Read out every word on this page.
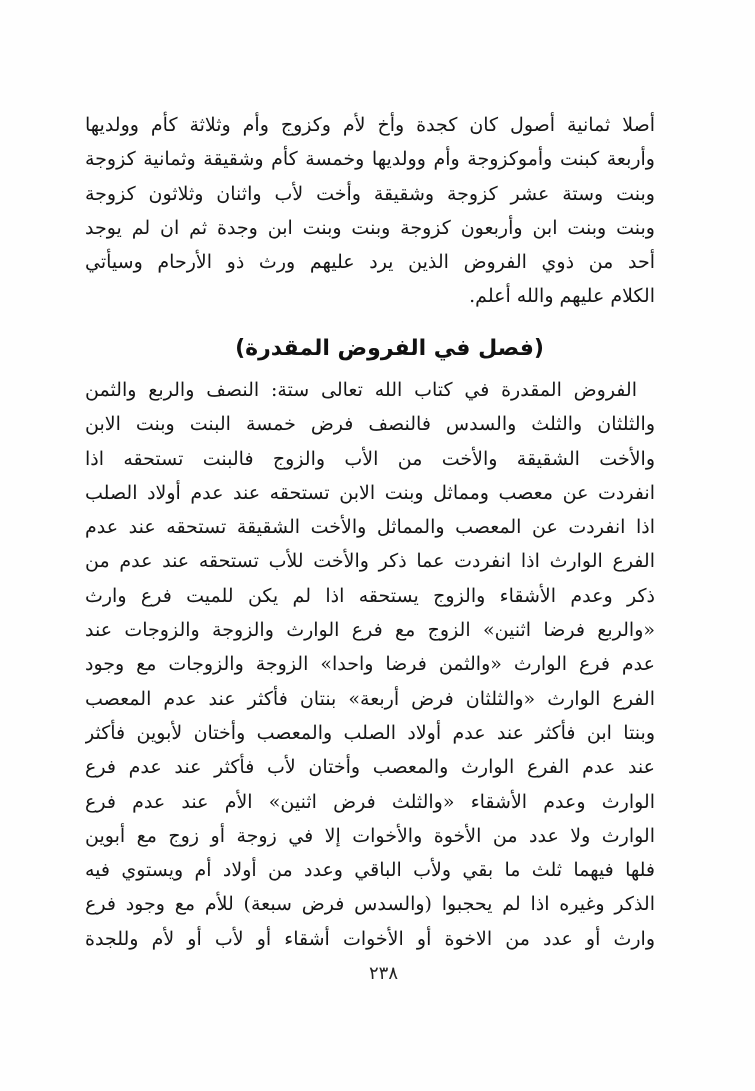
أصلا ثمانية أصول كان كجدة وأخ لأم وكزوج وأم وثلاثة كأم وولديها
وأربعة كبنت وأموكزوجة وأم وولديها وخمسة كأم وشقيقة وثمانية كزوجة
وبنت وستة عشر كزوجة وشقيقة وأخت لأب واثنان وثلاثون كزوجة
وبنت وبنت ابن وأربعون كزوجة وبنت وبنت ابن وجدة ثم ان لم يوجد
أحد من ذوي الفروض الذين يرد عليهم ورث ذو الأرحام وسيأتي
الكلام عليهم والله أعلم.
(فصل في الفروض المقدرة)
الفروض المقدرة في كتاب الله تعالى ستة: النصف والربع والثمن
والثلثان والثلث والسدس فالنصف فرض خمسة البنت وبنت الابن
والأخت الشقيقة والأخت من الأب والزوج فالبنت تستحقه اذا
انفردت عن معصب ومماثل وبنت الابن تستحقه عند عدم أولاد الصلب
اذا انفردت عن المعصب والمماثل والأخت الشقيقة تستحقه عند عدم
الفرع الوارث اذا انفردت عما ذكر والأخت للأب تستحقه عند عدم من
ذكر وعدم الأشقاء والزوج يستحقه اذا لم يكن للميت فرع وارث
«والربع فرضا اثنين» الزوج مع فرع الوارث والزوجة والزوجات عند
عدم فرع الوارث «والثمن فرضا واحدا» الزوجة والزوجات مع وجود
الفرع الوارث «والثلثان فرض أربعة» بنتان فأكثر عند عدم المعصب
وبنتا ابن فأكثر عند عدم أولاد الصلب والمعصب وأختان لأبوين فأكثر
عند عدم الفرع الوارث والمعصب وأختان لأب فأكثر عند عدم فرع
الوارث وعدم الأشقاء «والثلث فرض اثنين» الأم عند عدم فرع
الوارث ولا عدد من الأخوة والأخوات إلا في زوجة أو زوج مع أبوين
فلها فيهما ثلث ما بقي ولأب الباقي وعدد من أولاد أم ويستوي فيه
الذكر وغيره اذا لم يحجبوا (والسدس فرض سبعة) للأم مع وجود فرع
وارث أو عدد من الاخوة أو الأخوات أشقاء أو لأب أو لأم وللجدة
٢٣٨
